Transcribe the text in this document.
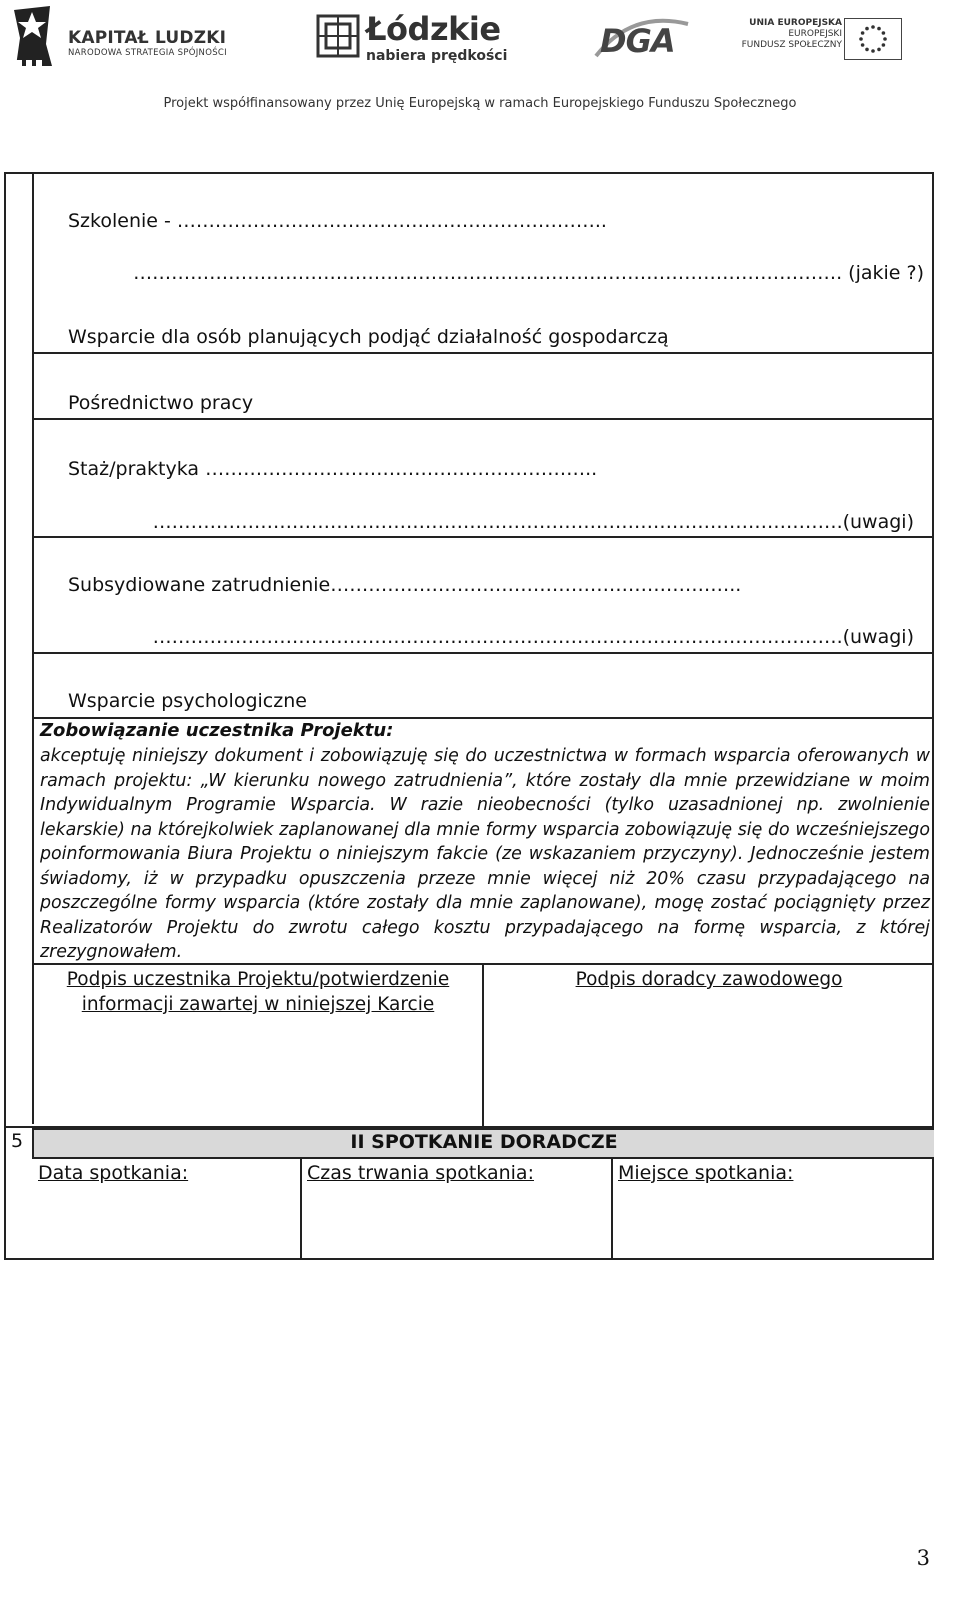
KAPITAŁ LUDZKI
NARODOWA STRATEGIA SPÓJNOŚCI
Łódzkie
nabiera prędkości	DGA	UNIA EUROPEJSKA
EUROPEJSKI
FUNDUSZ SPOŁECZNY
Projekt współfinansowany przez Unię Europejską w ramach Europejskiego Funduszu Społecznego
Szkolenie - …………………………………………………………..
…………………………………………………………………………………………………. (jakie ?)
Wsparcie dla osób planujących podjąć działalność gospodarczą
Pośrednictwo pracy
Staż/praktyka ……………………………………………………..
……………………………………………………………………………………………….(uwagi)
Subsydiowane zatrudnienie………………………………………………………..
……………………………………………………………………………………………….(uwagi)
Wsparcie psychologiczne
Zobowiązanie uczestnika Projektu:
akceptuję niniejszy dokument i zobowiązuję się do uczestnictwa w formach wsparcia oferowanych w ramach projektu: „W kierunku nowego zatrudnienia”, które zostały dla mnie przewidziane w moim Indywidualnym Programie Wsparcia. W razie nieobecności (tylko uzasadnionej np. zwolnienie lekarskie) na którejkolwiek zaplanowanej dla mnie formy wsparcia zobowiązuję się do wcześniejszego poinformowania Biura Projektu o niniejszym fakcie (ze wskazaniem przyczyny). Jednocześnie jestem świadomy, iż w przypadku opuszczenia przeze mnie więcej niż 20% czasu przypadającego na poszczególne formy wsparcia (które zostały dla mnie zaplanowane), mogę zostać pociągnięty przez Realizatorów Projektu do zwrotu całego kosztu przypadającego na formę wsparcia, z której zrezygnowałem.
Podpis uczestnika Projektu/potwierdzenie
informacji zawartej w niniejszej Karcie
Podpis doradcy zawodowego
5	II SPOTKANIE DORADCZE
Data spotkania:	Czas trwania spotkania:	Miejsce spotkania:
3
